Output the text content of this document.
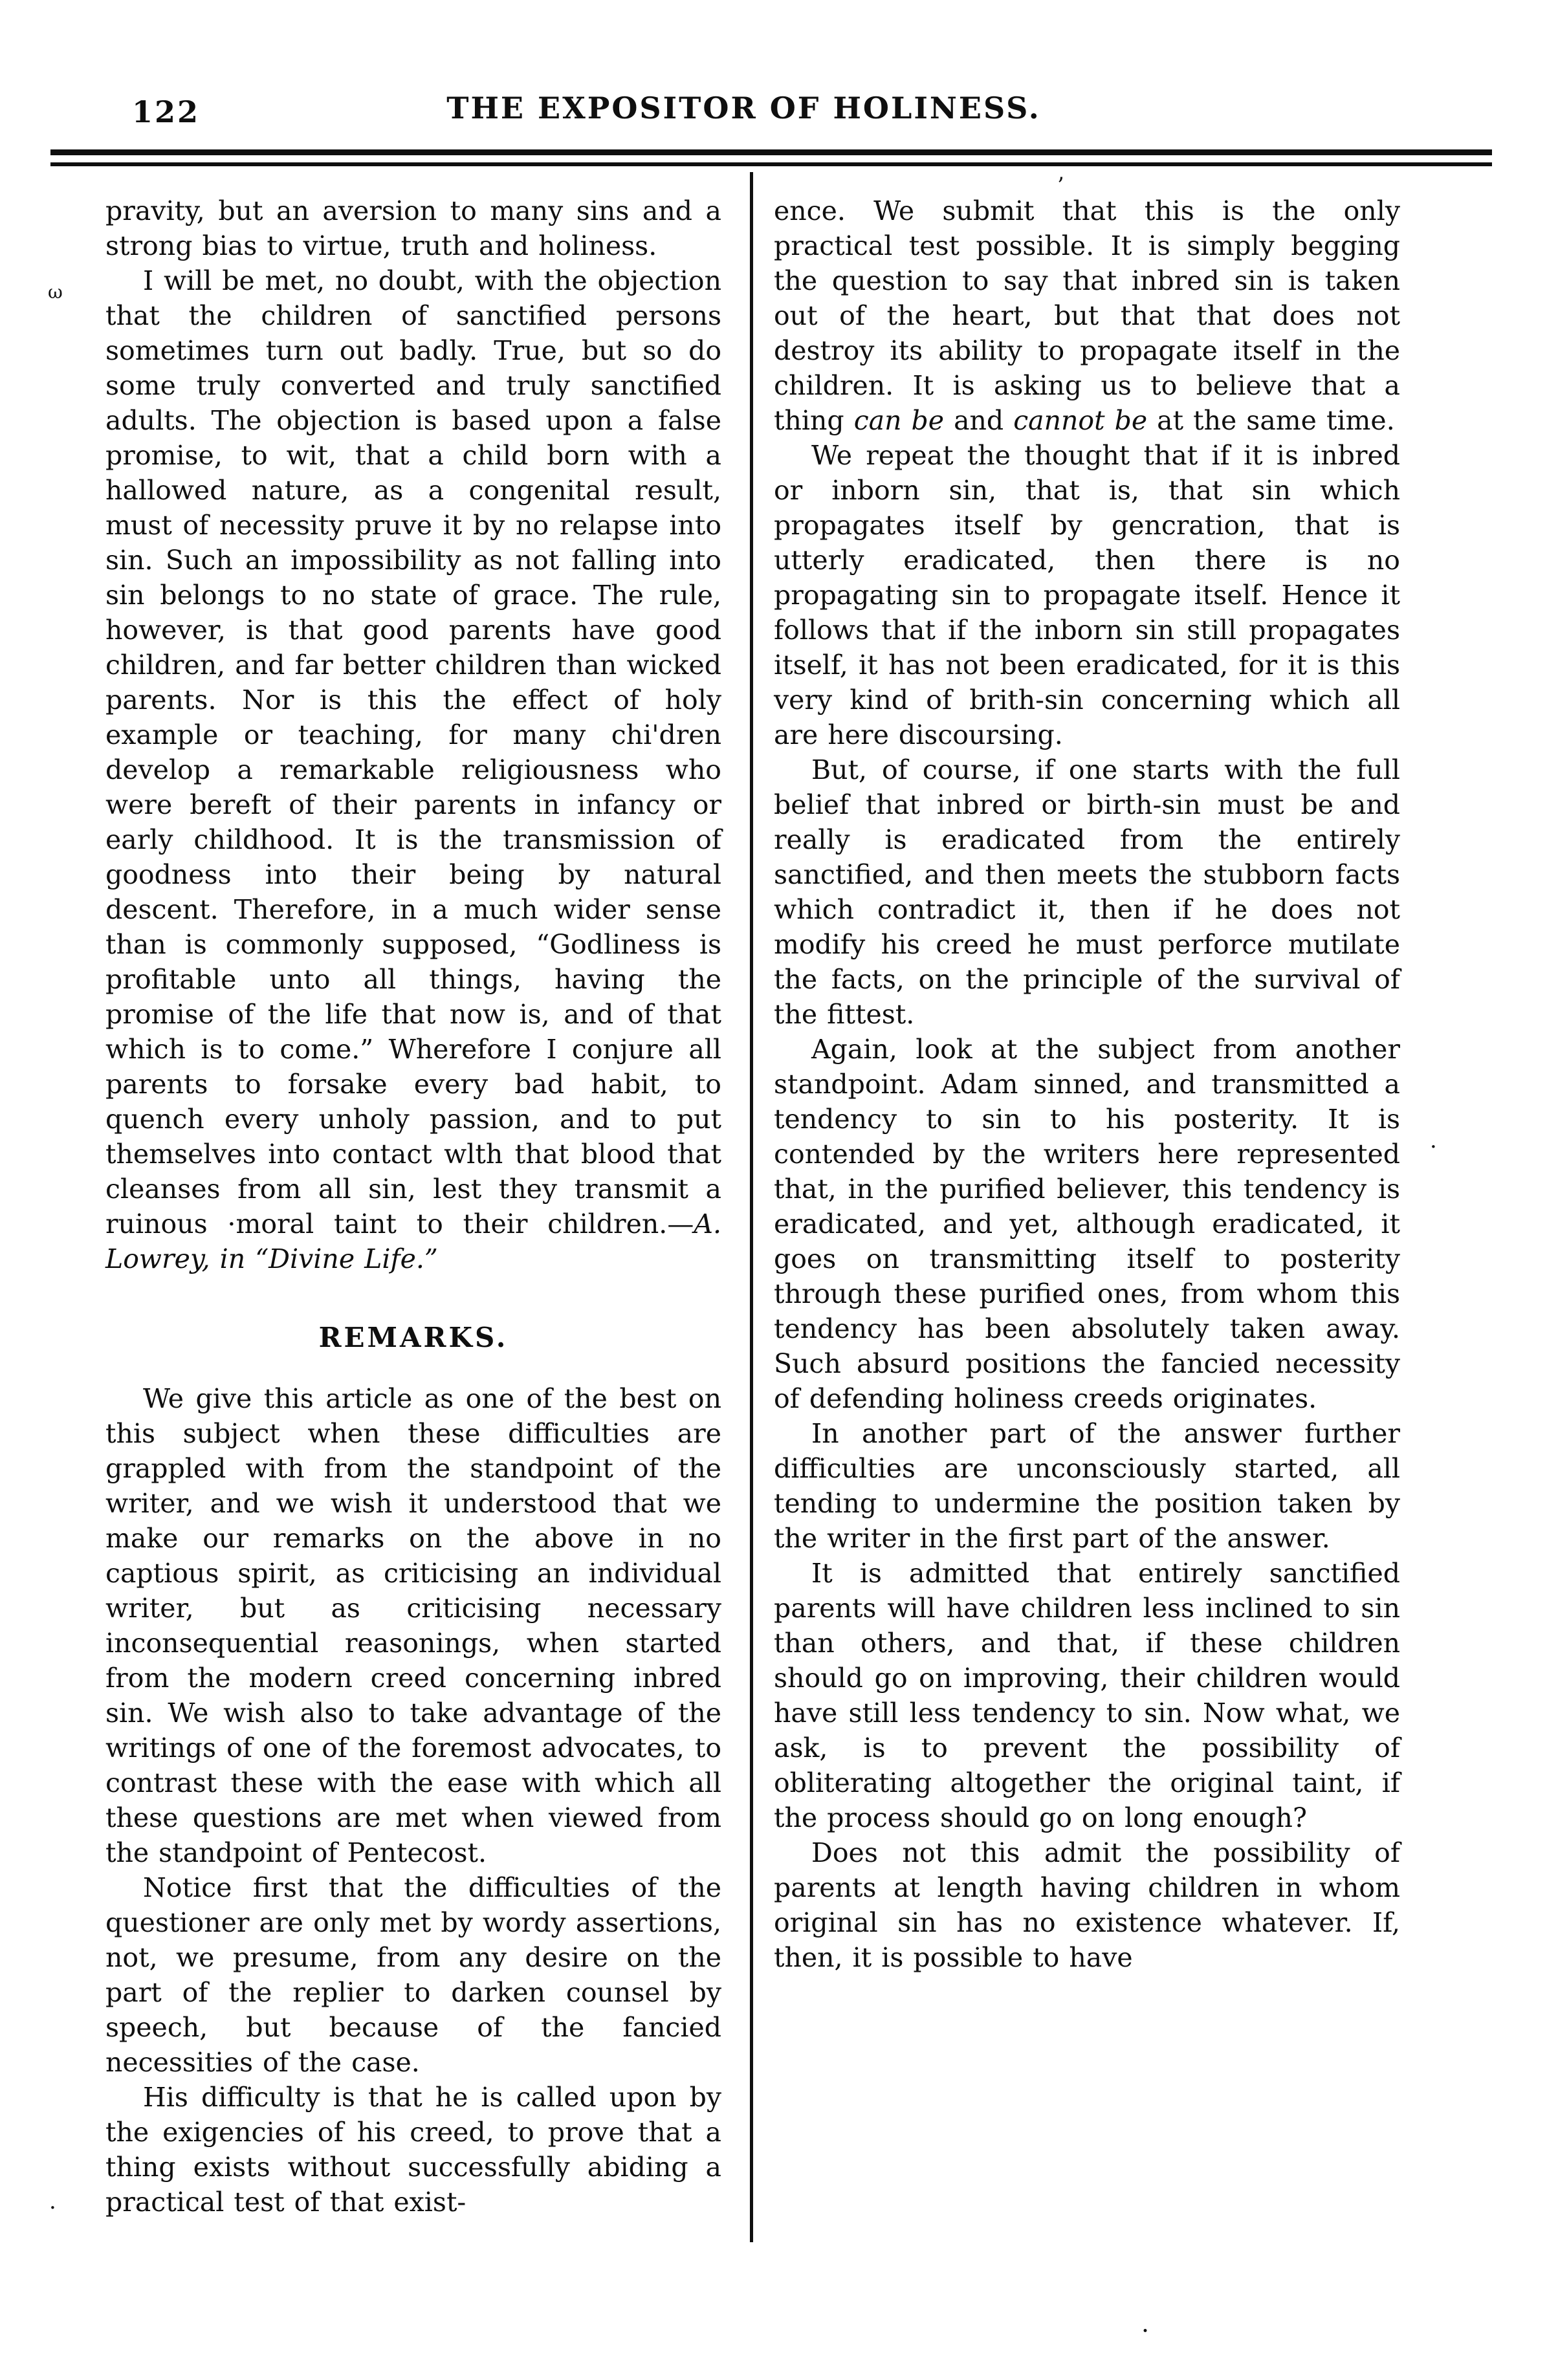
122	THE EXPOSITOR OF HOLINESS.

pravity, but an aversion to many sins and a strong bias to virtue, truth and holiness.

I will be met, no doubt, with the objection that the children of sanctified persons sometimes turn out badly. True, but so do some truly converted and truly sanctified adults. The objection is based upon a false promise, to wit, that a child born with a hallowed nature, as a congenital result, must of necessity pruve it by no relapse into sin. Such an impossibility as not falling into sin belongs to no state of grace. The rule, however, is that good parents have good children, and far better children than wicked parents. Nor is this the effect of holy example or teaching, for many chi'dren develop a remarkable religiousness who were bereft of their parents in infancy or early childhood. It is the transmission of goodness into their being by natural descent. Therefore, in a much wider sense than is commonly supposed, “Godliness is profitable unto all things, having the promise of the life that now is, and of that which is to come.” Wherefore I conjure all parents to forsake every bad habit, to quench every unholy passion, and to put themselves into contact wlth that blood that cleanses from all sin, lest they transmit a ruinous ·moral taint to their children.—A. Lowrey, in “Divine Life.”

REMARKS.

We give this article as one of the best on this subject when these difficulties are grappled with from the standpoint of the writer, and we wish it understood that we make our remarks on the above in no captious spirit, as criticising an individual writer, but as criticising necessary inconsequential reasonings, when started from the modern creed concerning inbred sin. We wish also to take advantage of the writings of one of the foremost advocates, to contrast these with the ease with which all these questions are met when viewed from the standpoint of Pentecost.

Notice first that the difficulties of the questioner are only met by wordy assertions, not, we presume, from any desire on the part of the replier to darken counsel by speech, but because of the fancied necessities of the case.

His difficulty is that he is called upon by the exigencies of his creed, to prove that a thing exists without successfully abiding a practical test of that exist-

ence. We submit that this is the only practical test possible. It is simply begging the question to say that inbred sin is taken out of the heart, but that that does not destroy its ability to propagate itself in the children. It is asking us to believe that a thing can be and cannot be at the same time.

We repeat the thought that if it is inbred or inborn sin, that is, that sin which propagates itself by gencration, that is utterly eradicated, then there is no propagating sin to propagate itself. Hence it follows that if the inborn sin still propagates itself, it has not been eradicated, for it is this very kind of brith-sin concerning which all are here discoursing.

But, of course, if one starts with the full belief that inbred or birth-sin must be and really is eradicated from the entirely sanctified, and then meets the stubborn facts which contradict it, then if he does not modify his creed he must perforce mutilate the facts, on the principle of the survival of the fittest.

Again, look at the subject from another standpoint. Adam sinned, and transmitted a tendency to sin to his posterity. It is contended by the writers here represented that, in the purified believer, this tendency is eradicated, and yet, although eradicated, it goes on transmitting itself to posterity through these purified ones, from whom this tendency has been absolutely taken away. Such absurd positions the fancied necessity of defending holiness creeds originates.

In another part of the answer further difficulties are unconsciously started, all tending to undermine the position taken by the writer in the first part of the answer.

It is admitted that entirely sanctified parents will have children less inclined to sin than others, and that, if these children should go on improving, their children would have still less tendency to sin. Now what, we ask, is to prevent the possibility of obliterating altogether the original taint, if the process should go on long enough?

Does not this admit the possibility of parents at length having children in whom original sin has no existence whatever. If, then, it is possible to have

ω
’
·
·
·
